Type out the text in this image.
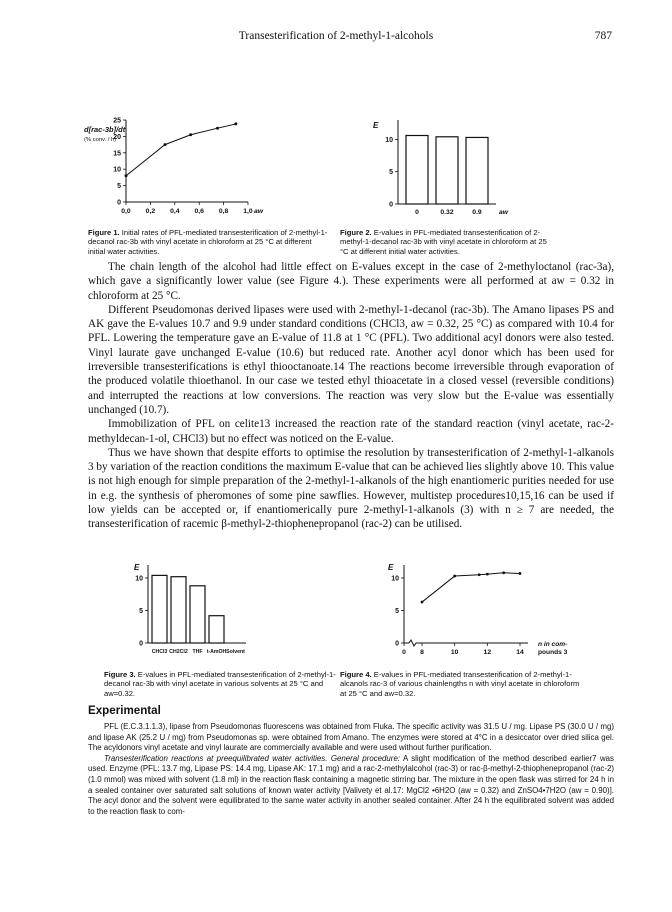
Transesterification of 2-methyl-1-alcohols	787
d[rac-3b]/dt
(% conv. / h)
0
5
10
15
20
25
0,0 0,2 0,4 0,6 0,8 1,0 aw
E
0
5
10
0	0.32	0.9	aw
Figure 1. Initial rates of PFL-mediated transesterification of 2-methyl-1-decanol rac-3b with vinyl acetate in chloroform at 25 °C at different initial water activities.
Figure 2. E-values in PFL-mediated transesterification of 2-methyl-1-decanol rac-3b with vinyl acetate in chloroform at 25 °C at different initial water activities.

The chain length of the alcohol had little effect on E-values except in the case of 2-methyloctanol (rac-3a), which gave a significantly lower value (see Figure 4.). These experiments were all performed at aw = 0.32 in chloroform at 25 °C.

Different Pseudomonas derived lipases were used with 2-methyl-1-decanol (rac-3b). The Amano lipases PS and AK gave the E-values 10.7 and 9.9 under standard conditions (CHCl3, aw = 0.32, 25 °C) as compared with 10.4 for PFL. Lowering the temperature gave an E-value of 11.8 at 1 °C (PFL). Two additional acyl donors were also tested. Vinyl laurate gave unchanged E-value (10.6) but reduced rate. Another acyl donor which has been used for irreversible transesterifications is ethyl thiooctanoate.14 The reactions become irreversible through evaporation of the produced volatile thioethanol. In our case we tested ethyl thioacetate in a closed vessel (reversible conditions) and interrupted the reactions at low conversions. The reaction was very slow but the E-value was essentially unchanged (10.7).

Immobilization of PFL on celite13 increased the reaction rate of the standard reaction (vinyl acetate, rac-2-methyldecan-1-ol, CHCl3) but no effect was noticed on the E-value.

Thus we have shown that despite efforts to optimise the resolution by transesterification of 2-methyl-1-alkanols 3 by variation of the reaction conditions the maximum E-value that can be achieved lies slightly above 10. This value is not high enough for simple preparation of the 2-methyl-1-alkanols of the high enantiomeric purities needed for use in e.g. the synthesis of pheromones of some pine sawflies. However, multistep procedures10,15,16 can be used if low yields can be accepted or, if enantiomerically pure 2-methyl-1-alkanols (3) with n ≥ 7 are needed, the transesterification of racemic β-methyl-2-thiophenepropanol (rac-2) can be utilised.

E
0
5
10
CHCl3 CH2Cl2 THF t-AmOH Solvent
E
0
5
10
0 8	10	12	14
n in com-
pounds 3
Figure 3. E-values in PFL-mediated transesterification of 2-methyl-1-decanol rac-3b with vinyl acetate in various solvents at 25 °C and aw=0.32.
Figure 4. E-values in PFL-mediated transesterification of 2-methyl-1-alcanols rac-3 of various chainlengths n with vinyl acetate in chloroform at 25 °C and aw=0.32.
Experimental

PFL (E.C.3.1.1.3), lipase from Pseudomonas fluorescens was obtained from Fluka. The specific activity was 31.5 U / mg. Lipase PS (30.0 U / mg) and lipase AK (25.2 U / mg) from Pseudomonas sp. were obtained from Amano. The enzymes were stored at 4°C in a desiccator over dried silica gel. The acyldonors vinyl acetate and vinyl laurate are commercially available and were used without further purification.

Transesterification reactions at preequilibrated water activities. General procedure: A slight modification of the method described earlier7 was used. Enzyme (PFL: 13.7 mg, Lipase PS: 14.4 mg, Lipase AK: 17.1 mg) and a rac-2-methylalcohol (rac-3) or rac-β-methyl-2-thiophenepropanol (rac-2) (1.0 mmol) was mixed with solvent (1.8 ml) in the reaction flask containing a magnetic stirring bar. The mixture in the open flask was stirred for 24 h in a sealed container over saturated salt solutions of known water activity [Valivety et al.17: MgCl2 •6H2O (aw = 0.32) and ZnSO4•7H2O (aw = 0.90)]. The acyl donor and the solvent were equilibrated to the same water activity in another sealed container. After 24 h the equilibrated solvent was added to the reaction flask to com-
